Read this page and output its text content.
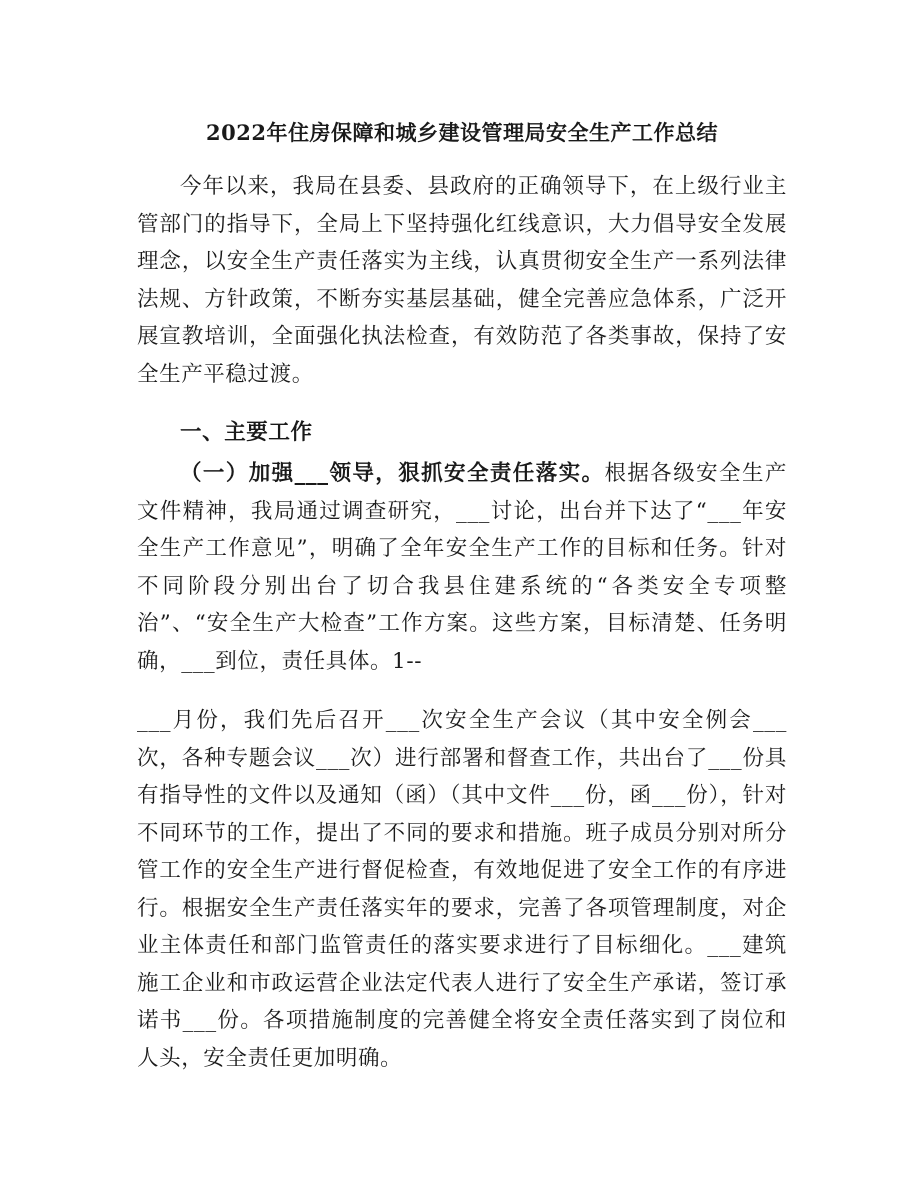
2022年住房保障和城乡建设管理局安全生产工作总结
今年以来，我局在县委、县政府的正确领导下，在上级行业主管部门的指导下，全局上下坚持强化红线意识，大力倡导安全发展理念，以安全生产责任落实为主线，认真贯彻安全生产一系列法律法规、方针政策，不断夯实基层基础，健全完善应急体系，广泛开展宣教培训，全面强化执法检查，有效防范了各类事故，保持了安全生产平稳过渡。
一、主要工作
（一）加强___领导，狠抓安全责任落实。根据各级安全生产文件精神，我局通过调查研究，___讨论，出台并下达了“___年安全生产工作意见”，明确了全年安全生产工作的目标和任务。针对不同阶段分别出台了切合我县住建系统的“各类安全专项整治”、“安全生产大检查”工作方案。这些方案，目标清楚、任务明确，___到位，责任具体。1--
___月份，我们先后召开___次安全生产会议（其中安全例会___次，各种专题会议___次）进行部署和督查工作，共出台了___份具有指导性的文件以及通知（函）（其中文件___份，函___份），针对不同环节的工作，提出了不同的要求和措施。班子成员分别对所分管工作的安全生产进行督促检查，有效地促进了安全工作的有序进行。根据安全生产责任落实年的要求，完善了各项管理制度，对企业主体责任和部门监管责任的落实要求进行了目标细化。___建筑施工企业和市政运营企业法定代表人进行了安全生产承诺，签订承诺书___份。各项措施制度的完善健全将安全责任落实到了岗位和人头，安全责任更加明确。
